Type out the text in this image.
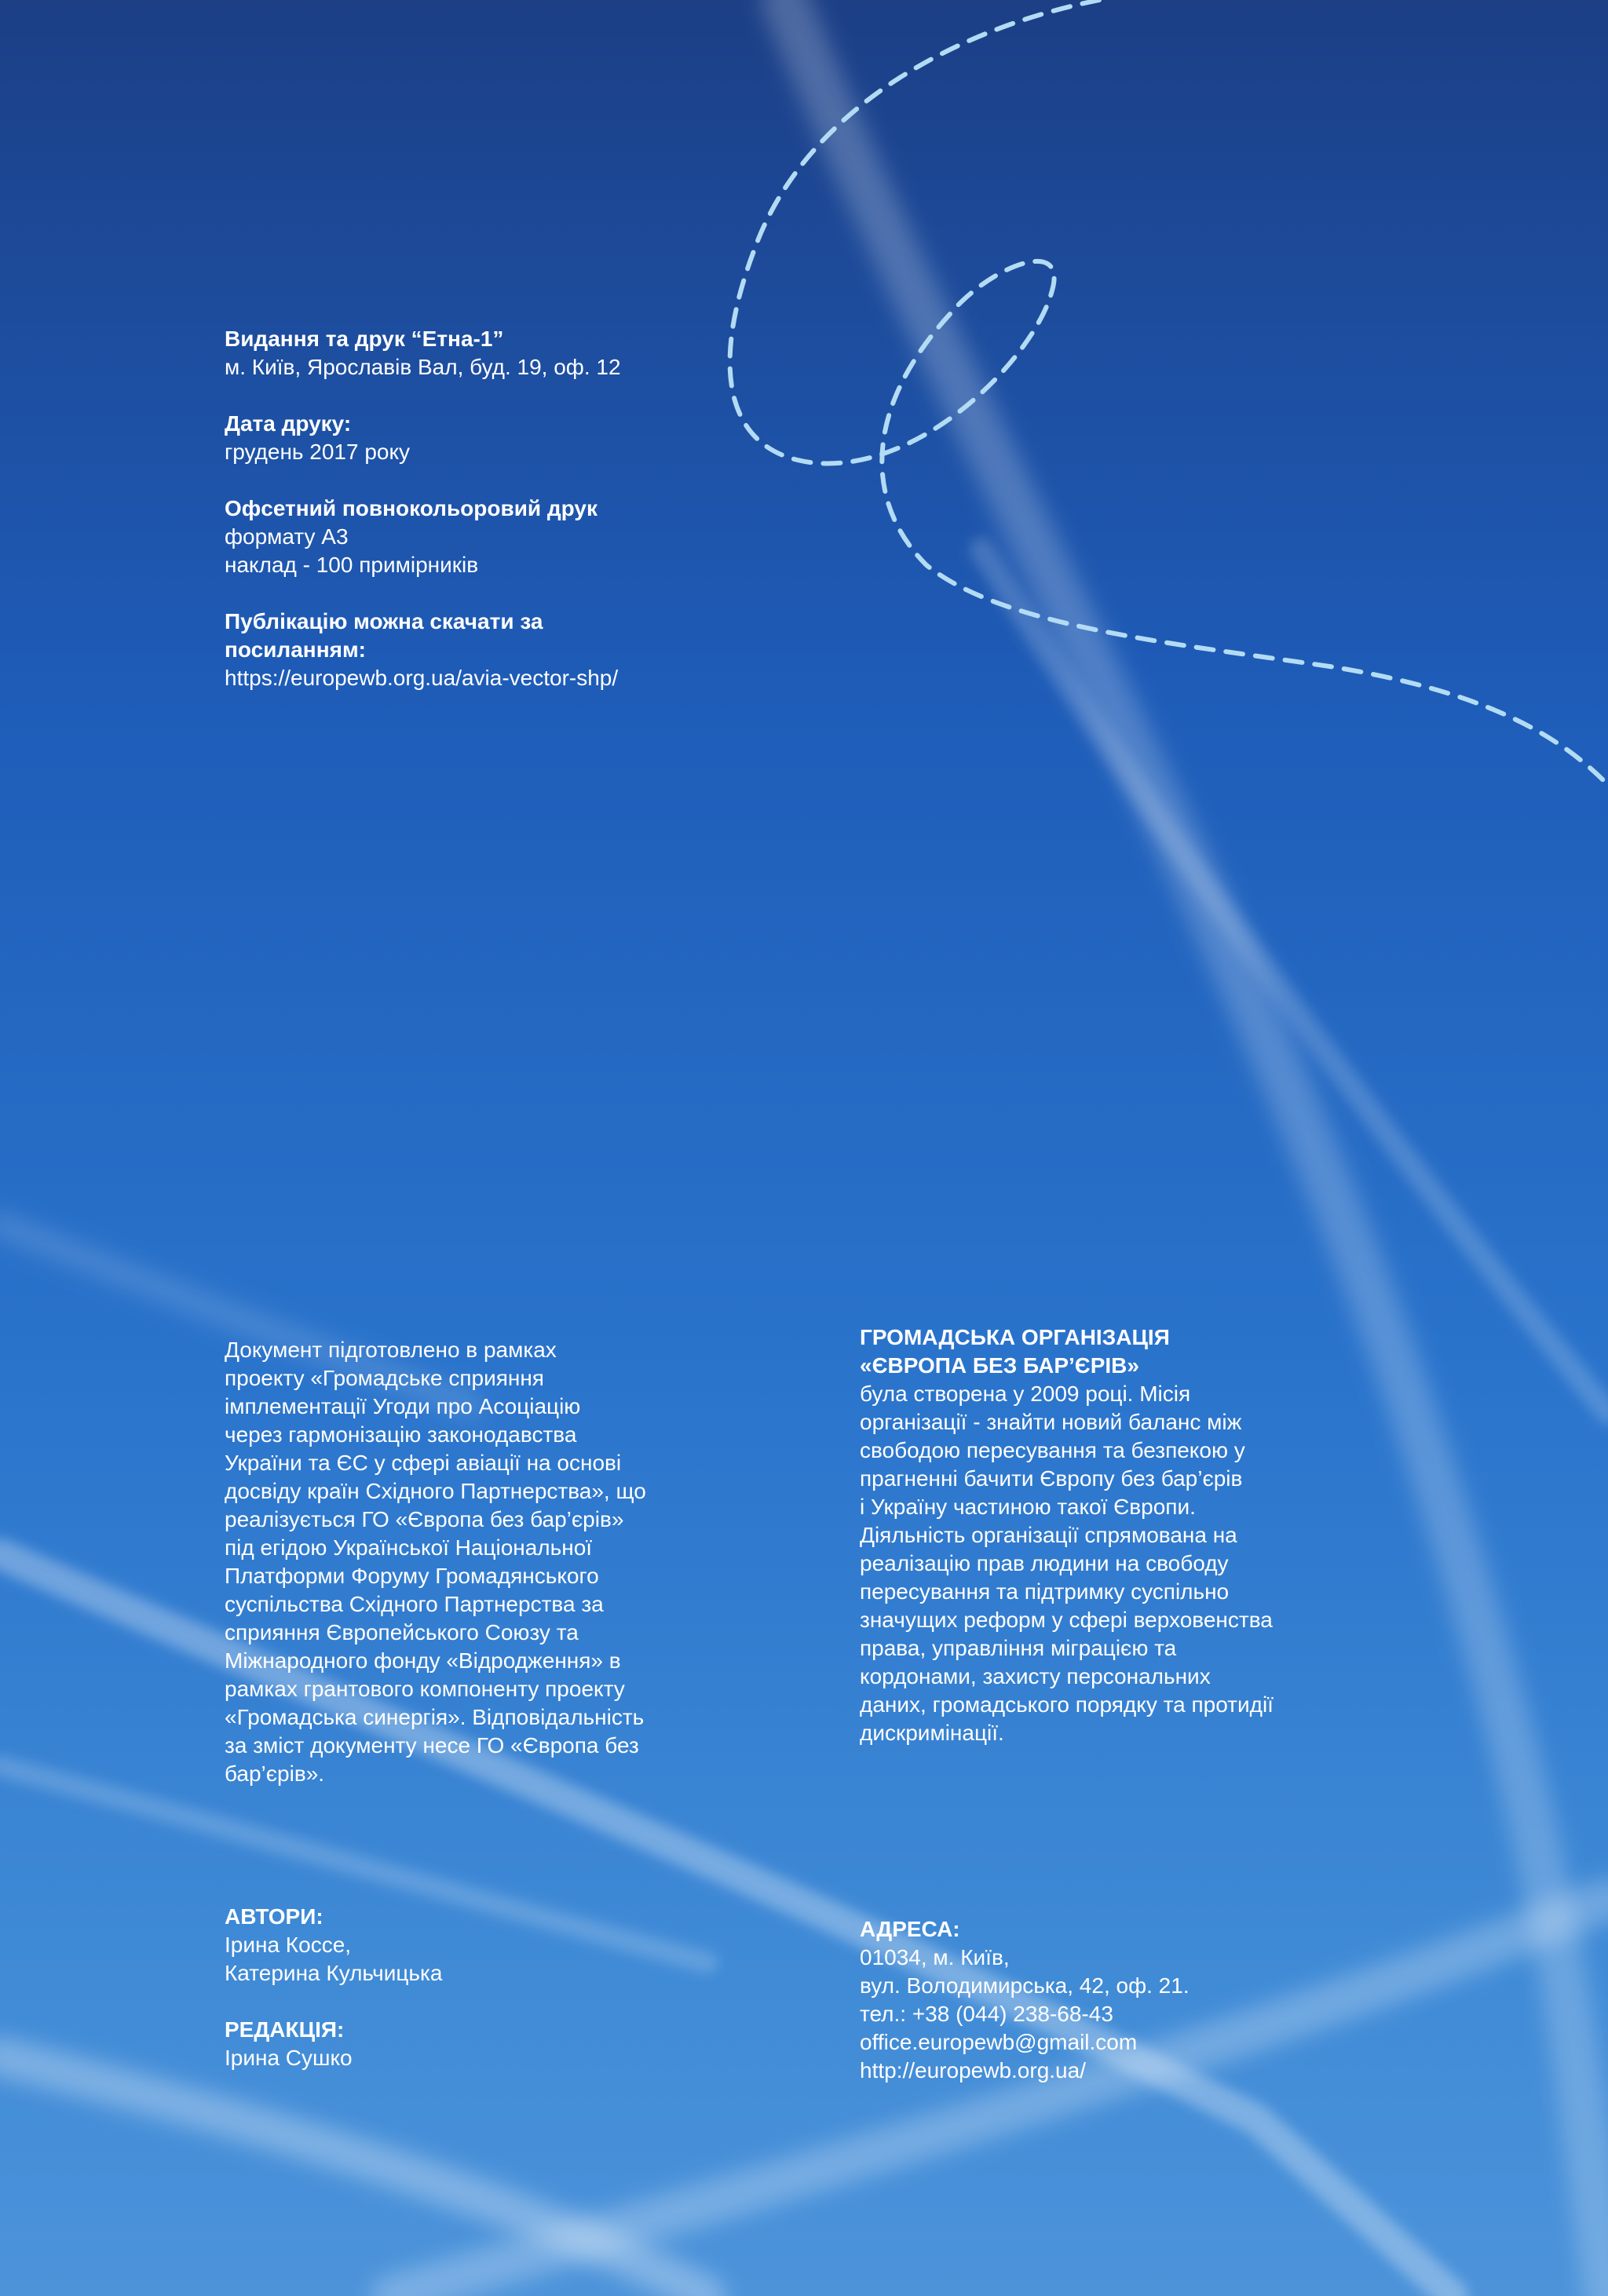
Видання та друк “Етна-1”

м. Київ, Ярославів Вал, буд. 19, оф. 12

Дата друку:

грудень 2017 року

Офсетний повнокольоровий друк

формату А3

наклад - 100 примірників

Публікацію можна скачати за

посиланням:

https://europewb.org.ua/avia-vector-shp/

Документ підготовлено в рамках

проекту «Громадське сприяння

імплементації Угоди про Асоціацію

через гармонізацію законодавства

України та ЄС у сфері авіації на основі

досвіду країн Східного Партнерства», що

реалізується ГО «Європа без бар’єрів»

під егідою Української Національної

Платформи Форуму Громадянського

суспільства Східного Партнерства за

сприяння Європейського Союзу та

Міжнародного фонду «Відродження» в

рамках грантового компоненту проекту

«Громадська синергія». Відповідальність

за зміст документу несе ГО «Європа без

бар’єрів».

ГРОМАДСЬКА ОРГАНІЗАЦІЯ

«ЄВРОПА БЕЗ БАР’ЄРІВ»

була створена у 2009 році. Місія

організації - знайти новий баланс між

свободою пересування та безпекою у

прагненні бачити Європу без бар’єрів

і Україну частиною такої Європи.

Діяльність організації спрямована на

реалізацію прав людини на свободу

пересування та підтримку суспільно

значущих реформ у сфері верховенства

права, управління міграцією та

кордонами, захисту персональних

даних, громадського порядку та протидії

дискримінації.

АВТОРИ:

Ірина Коссе,

Катерина Кульчицька

РЕДАКЦІЯ:

Ірина Сушко

АДРЕСА:

01034, м. Київ,

вул. Володимирська, 42, оф. 21.

тел.: +38 (044) 238-68-43

office.europewb@gmail.com

http://europewb.org.ua/
